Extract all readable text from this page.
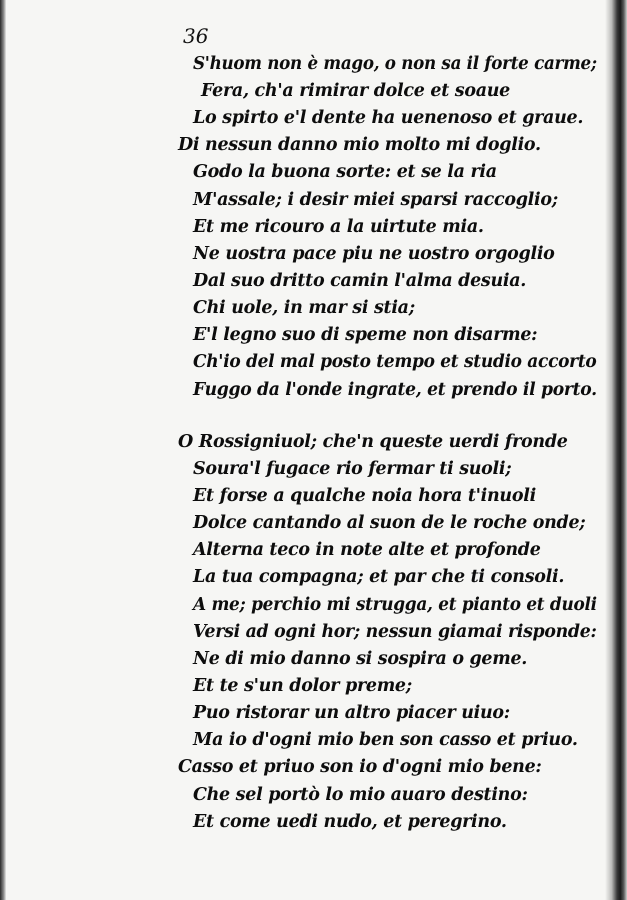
36
S'huom non è mago, o non sa il forte carme;
Fera, ch'a rimirar dolce et soaue
Lo spirto e'l dente ha uenenoso et graue.
Di nessun danno mio molto mi doglio.
Godo la buona sorte: et se la ria
M'assale; i desir miei sparsi raccoglio;
Et me ricouro a la uirtute mia.
Ne uostra pace piu ne uostro orgoglio
Dal suo dritto camin l'alma desuia.
Chi uole, in mar si stia;
E'l legno suo di speme non disarme:
Ch'io del mal posto tempo et studio accorto
Fuggo da l'onde ingrate, et prendo il porto.
O Rossigniuol; che'n queste uerdi fronde
Soura'l fugace rio fermar ti suoli;
Et forse a qualche noia hora t'inuoli
Dolce cantando al suon de le roche onde;
Alterna teco in note alte et profonde
La tua compagna; et par che ti consoli.
A me; perchio mi strugga, et pianto et duoli
Versi ad ogni hor; nessun giamai risponde:
Ne di mio danno si sospira o geme.
Et te s'un dolor preme;
Puo ristorar un altro piacer uiuo:
Ma io d'ogni mio ben son casso et priuo.
Casso et priuo son io d'ogni mio bene:
Che sel portò lo mio auaro destino:
Et come uedi nudo, et peregrino.
